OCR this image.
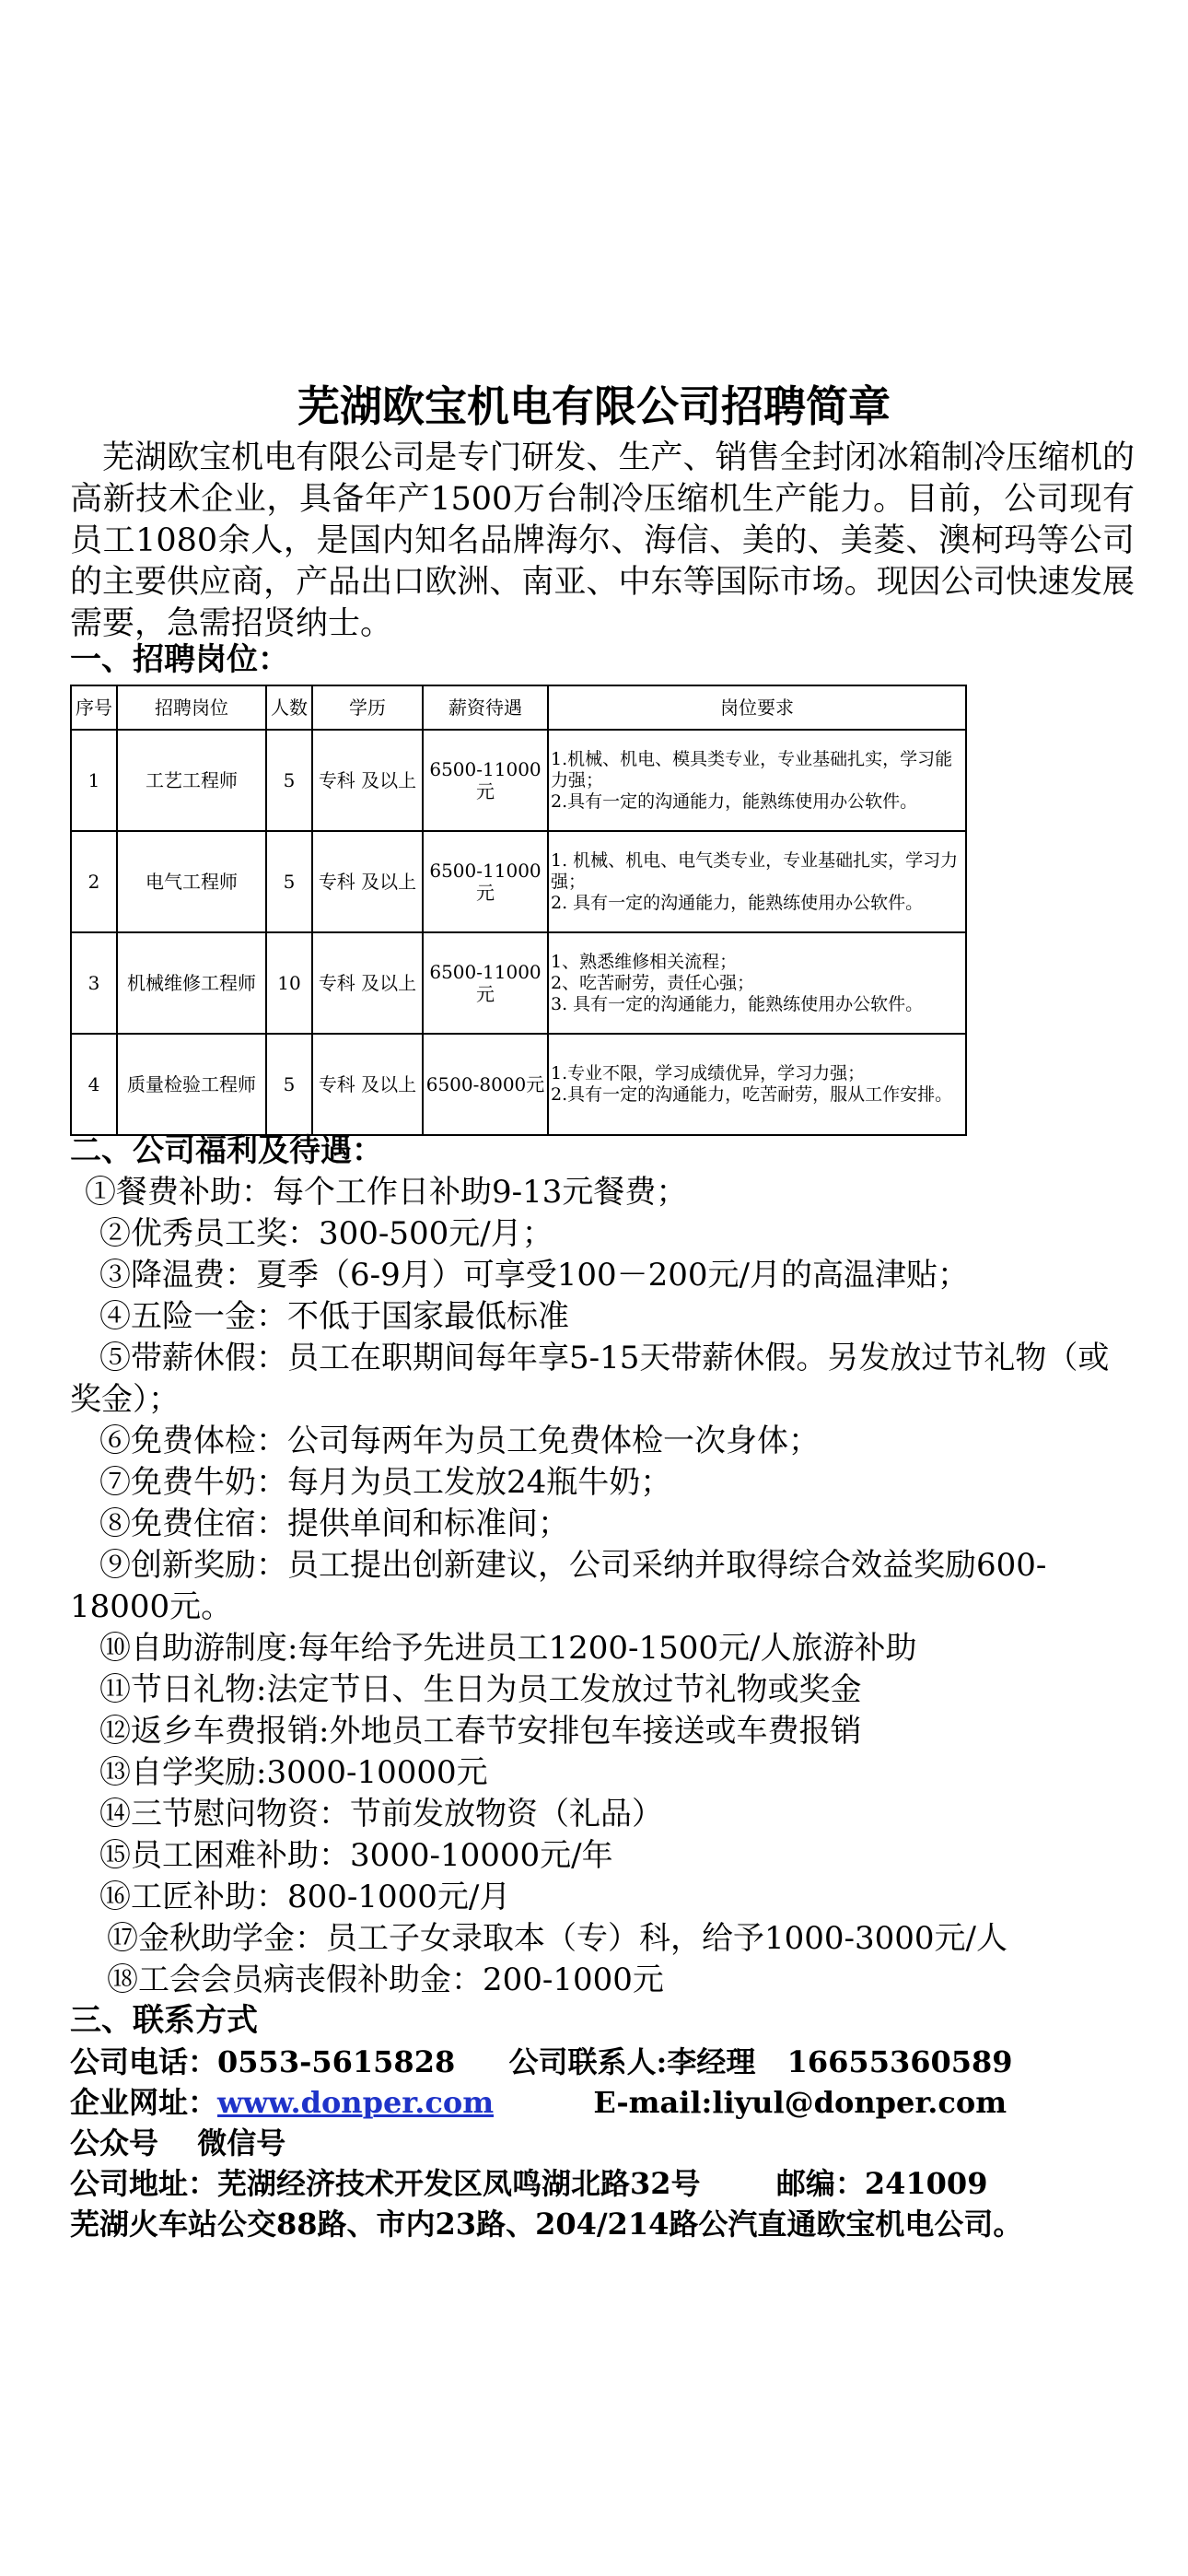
芜湖欧宝机电有限公司招聘简章
芜湖欧宝机电有限公司是专门研发、生产、销售全封闭冰箱制冷压缩机的高新技术企业，具备年产1500万台制冷压缩机生产能力。目前，公司现有员工1080余人，是国内知名品牌海尔、海信、美的、美菱、澳柯玛等公司的主要供应商，产品出口欧洲、南亚、中东等国际市场。现因公司快速发展需要，急需招贤纳士。
一、招聘岗位：
序号	招聘岗位	人数	学历	薪资待遇	岗位要求
1	工艺工程师	5	专科 及以上	6500-11000元	1.机械、机电、模具类专业，专业基础扎实，学习能力强；
2.具有一定的沟通能力，能熟练使用办公软件。

2	电气工程师	5	专科 及以上	6500-11000元	1. 机械、机电、电气类专业，专业基础扎实，学习力强；
2. 具有一定的沟通能力，能熟练使用办公软件。

3	机械维修工程师	10	专科 及以上	6500-11000元	1、熟悉维修相关流程；
2、吃苦耐劳，责任心强；
3. 具有一定的沟通能力，能熟练使用办公软件。

4	质量检验工程师	5	专科 及以上	6500-8000元	1.专业不限，学习成绩优异，学习力强；
2.具有一定的沟通能力，吃苦耐劳，服从工作安排。
二、公司福利及待遇：
①餐费补助：每个工作日补助9-13元餐费；
②优秀员工奖：300-500元/月；
③降温费：夏季（6-9月）可享受100－200元/月的高温津贴；
④五险一金：不低于国家最低标准
⑤带薪休假：员工在职期间每年享5-15天带薪休假。另发放过节礼物（或奖金）；
⑥免费体检：公司每两年为员工免费体检一次身体；
⑦免费牛奶：每月为员工发放24瓶牛奶；
⑧免费住宿：提供单间和标准间；
⑨创新奖励：员工提出创新建议，公司采纳并取得综合效益奖励600-18000元。
⑩自助游制度:每年给予先进员工1200-1500元/人旅游补助
⑪节日礼物:法定节日、生日为员工发放过节礼物或奖金
⑫返乡车费报销:外地员工春节安排包车接送或车费报销
⑬自学奖励:3000-10000元
⑭三节慰问物资：节前发放物资（礼品）
⑮员工困难补助：3000-10000元/年
⑯工匠补助：800-1000元/月
⑰金秋助学金：员工子女录取本（专）科，给予1000-3000元/人
⑱工会会员病丧假补助金：200-1000元
三、联系方式
公司电话：0553-5615828 公司联系人:李经理 16655360589
企业网址：www.donper.com	E-mail:liyul@donper.com
公众号 微信号
公司地址：芜湖经济技术开发区凤鸣湖北路32号	邮编：241009
芜湖火车站公交88路、市内23路、204/214路公汽直通欧宝机电公司。
